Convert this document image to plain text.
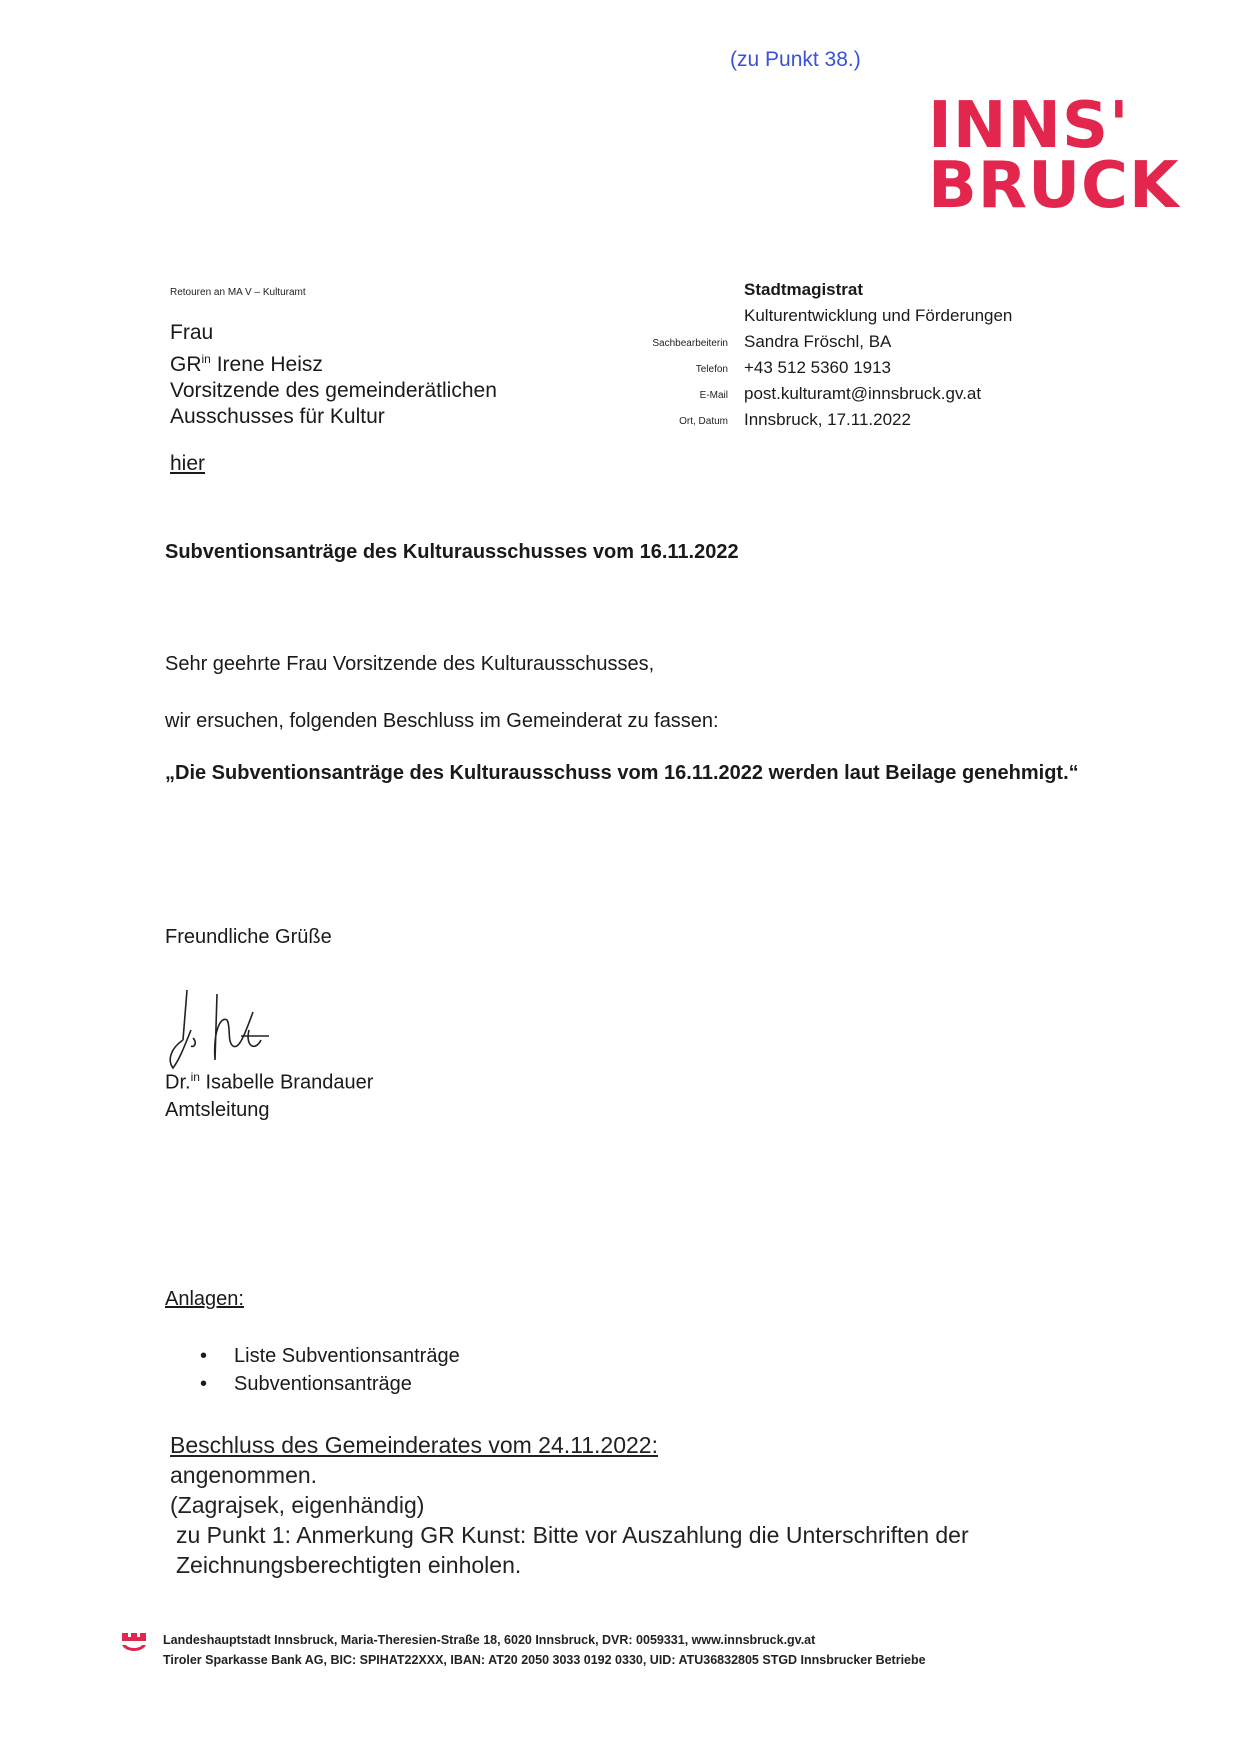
(zu Punkt 38.)
INNS'
BRUCK
Retouren an MA V – Kulturamt
Frau
$GR^{in}$ Irene Heisz
Vorsitzende des gemeinderätlichen
Ausschusses für Kultur
hier
Stadtmagistrat
Kulturentwicklung und Förderungen
Sachbearbeiterin Sandra Fröschl, BA
Telefon +43 512 5360 1913
E-Mail post.kulturamt@innsbruck.gv.at
Ort, Datum Innsbruck, 17.11.2022
Subventionsanträge des Kulturausschusses vom 16.11.2022
Sehr geehrte Frau Vorsitzende des Kulturausschusses,
wir ersuchen, folgenden Beschluss im Gemeinderat zu fassen:
„Die Subventionsanträge des Kulturausschuss vom 16.11.2022 werden laut Beilage genehmigt.“
Freundliche Grüße
Dr.$^{in}$ Isabelle Brandauer
Amtsleitung
Anlagen:
• Liste Subventionsanträge
• Subventionsanträge
Beschluss des Gemeinderates vom 24.11.2022:
angenommen.
(Zagrajsek, eigenhändig)
zu Punkt 1: Anmerkung GR Kunst: Bitte vor Auszahlung die Unterschriften der
Zeichnungsberechtigten einholen.
Landeshauptstadt Innsbruck, Maria-Theresien-Straße 18, 6020 Innsbruck, DVR: 0059331, www.innsbruck.gv.at
Tiroler Sparkasse Bank AG, BIC: SPIHAT22XXX, IBAN: AT20 2050 3033 0192 0330, UID: ATU36832805 STGD Innsbrucker Betriebe
